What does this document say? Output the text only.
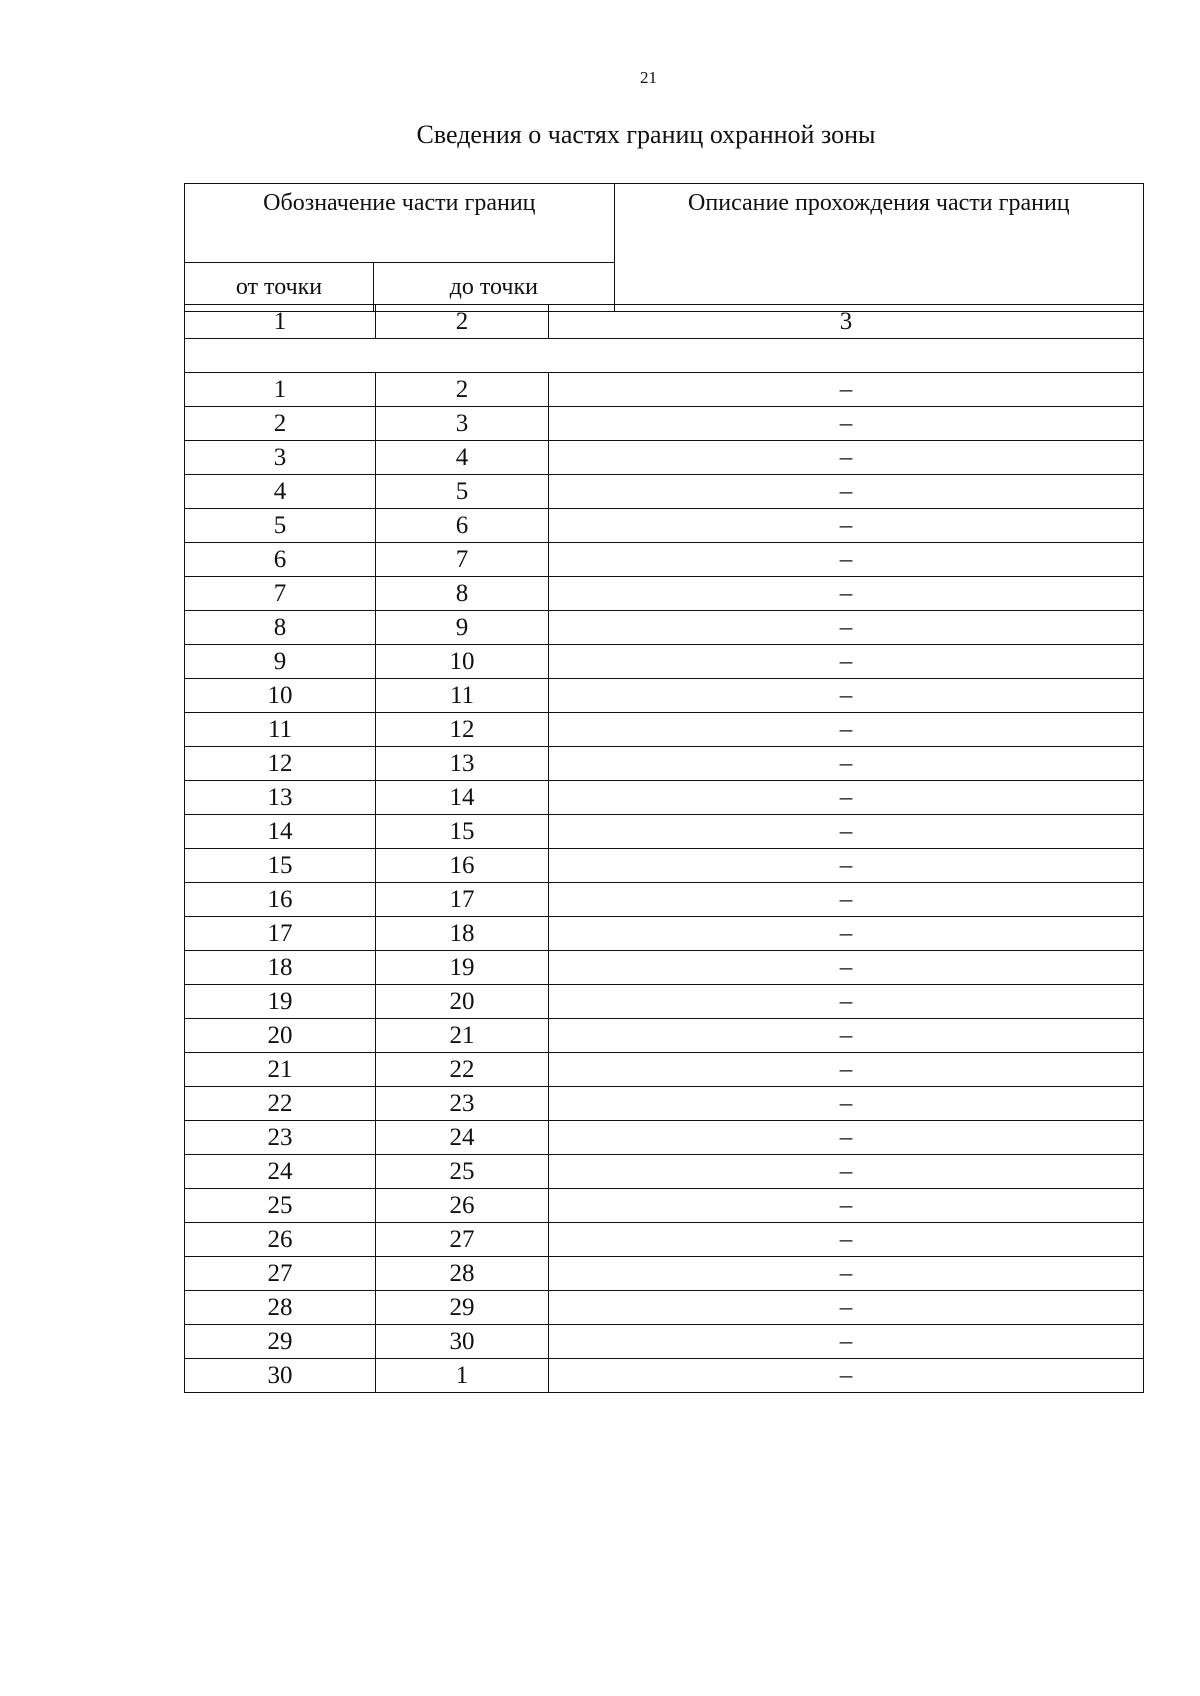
21
Сведения о частях границ охранной зоны
Обозначение части границ		Описание прохождения части границ
от точки	до точки	
1	2	3

1	2	–
2	3	–
3	4	–
4	5	–
5	6	–
6	7	–
7	8	–
8	9	–
9	10	–
10	11	–
11	12	–
12	13	–
13	14	–
14	15	–
15	16	–
16	17	–
17	18	–
18	19	–
19	20	–
20	21	–
21	22	–
22	23	–
23	24	–
24	25	–
25	26	–
26	27	–
27	28	–
28	29	–
29	30	–
30	1	–
